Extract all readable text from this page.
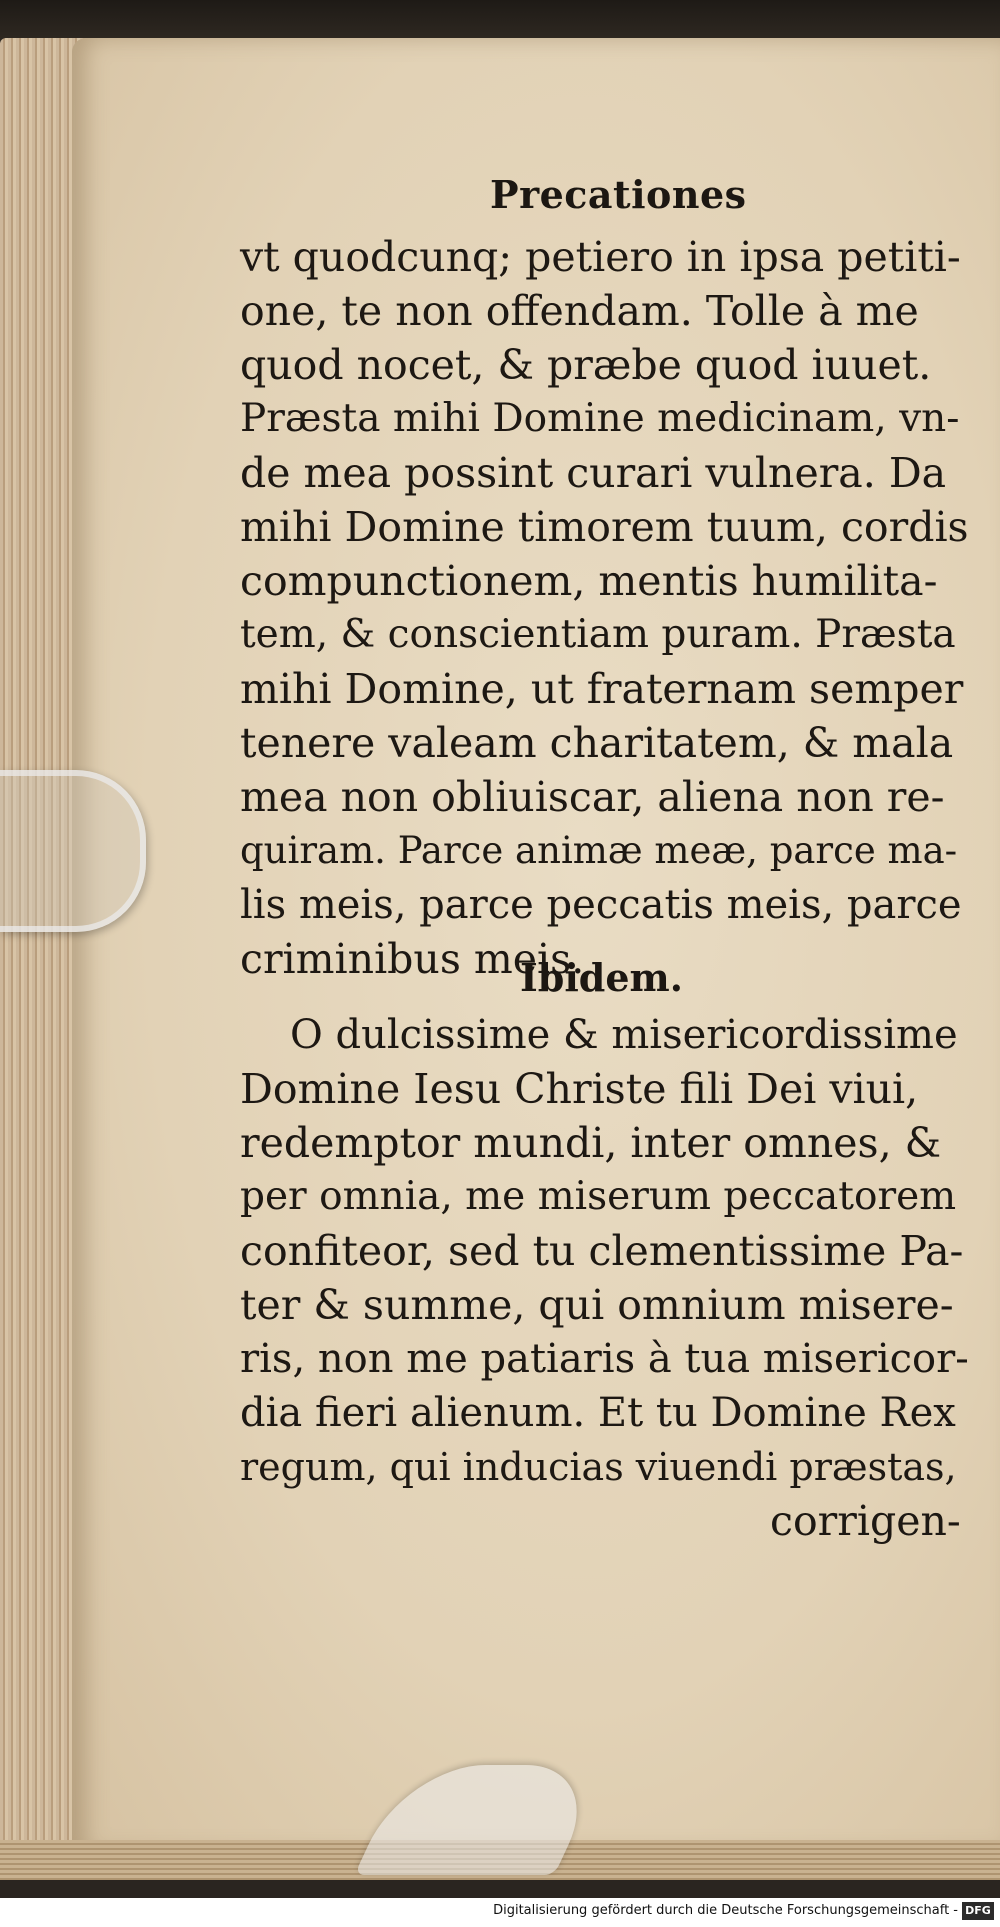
Precationes
vt quodcunq; petiero in ipsa petiti-
one, te non offendam. Tolle à me
quod nocet, & præbe quod iuuet.
Præsta mihi Domine medicinam, vn-
de mea possint curari vulnera. Da
mihi Domine timorem tuum, cordis
compunctionem, mentis humilita-
tem, & conscientiam puram. Præsta
mihi Domine, ut fraternam semper
tenere valeam charitatem, & mala
mea non obliuiscar, aliena non re-
quiram. Parce animæ meæ, parce ma-
lis meis, parce peccatis meis, parce
criminibus meis.
Ibidem.
O dulcissime & misericordissime
Domine Iesu Christe fili Dei viui,
redemptor mundi, inter omnes, &
per omnia, me miserum peccatorem
confiteor, sed tu clementissime Pa-
ter & summe, qui omnium misere-
ris, non me patiaris à tua misericor-
dia fieri alienum. Et tu Domine Rex
regum, qui inducias viuendi præstas,
corrigen-
Digitalisierung gefördert durch die Deutsche Forschungsgemeinschaft - DFG
